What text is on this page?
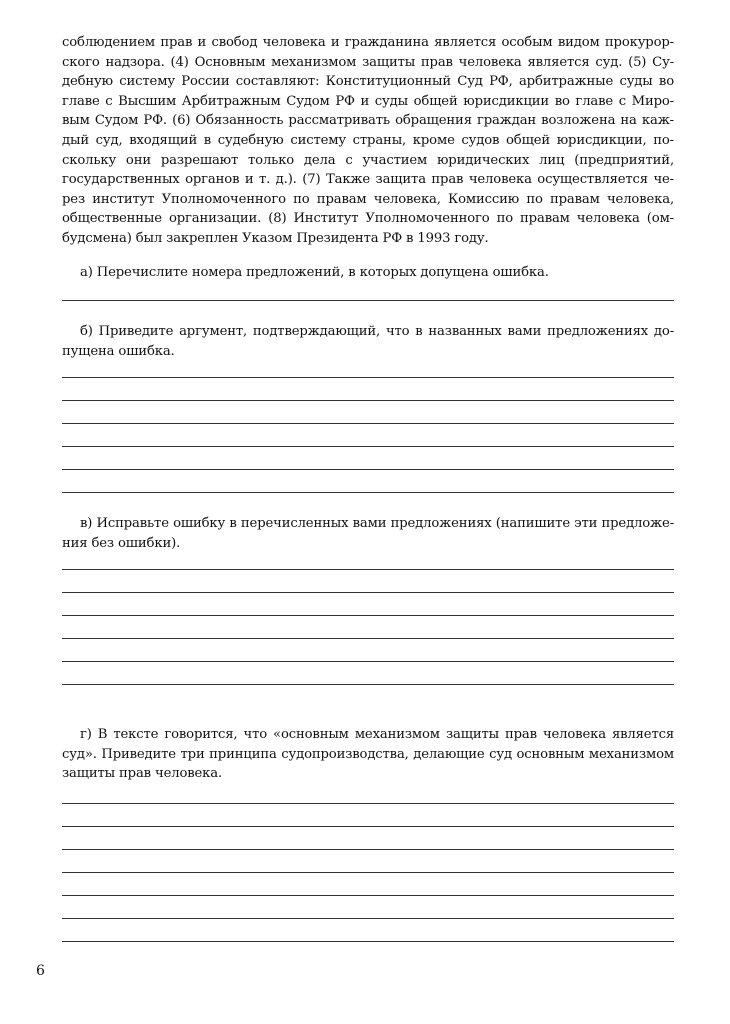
соблюдением прав и свобод человека и гражданина является особым видом прокурор-
ского надзора. (4) Основным механизмом защиты прав человека является суд. (5) Су-
дебную систему России составляют: Конституционный Суд РФ, арбитражные суды во
главе с Высшим Арбитражным Судом РФ и суды общей юрисдикции во главе с Миро-
вым Судом РФ. (6) Обязанность рассматривать обращения граждан возложена на каж-
дый суд, входящий в судебную систему страны, кроме судов общей юрисдикции, по-
скольку они разрешают только дела с участием юридических лиц (предприятий,
государственных органов и т. д.). (7) Также защита прав человека осуществляется че-
рез институт Уполномоченного по правам человека, Комиссию по правам человека,
общественные организации. (8) Институт Уполномоченного по правам человека (ом-
будсмена) был закреплен Указом Президента РФ в 1993 году.
а) Перечислите номера предложений, в которых допущена ошибка.
б) Приведите аргумент, подтверждающий, что в названных вами предложениях до-
пущена ошибка.
в) Исправьте ошибку в перечисленных вами предложениях (напишите эти предложе-
ния без ошибки).
г) В тексте говорится, что «основным механизмом защиты прав человека является
суд». Приведите три принципа судопроизводства, делающие суд основным механизмом
защиты прав человека.
6
